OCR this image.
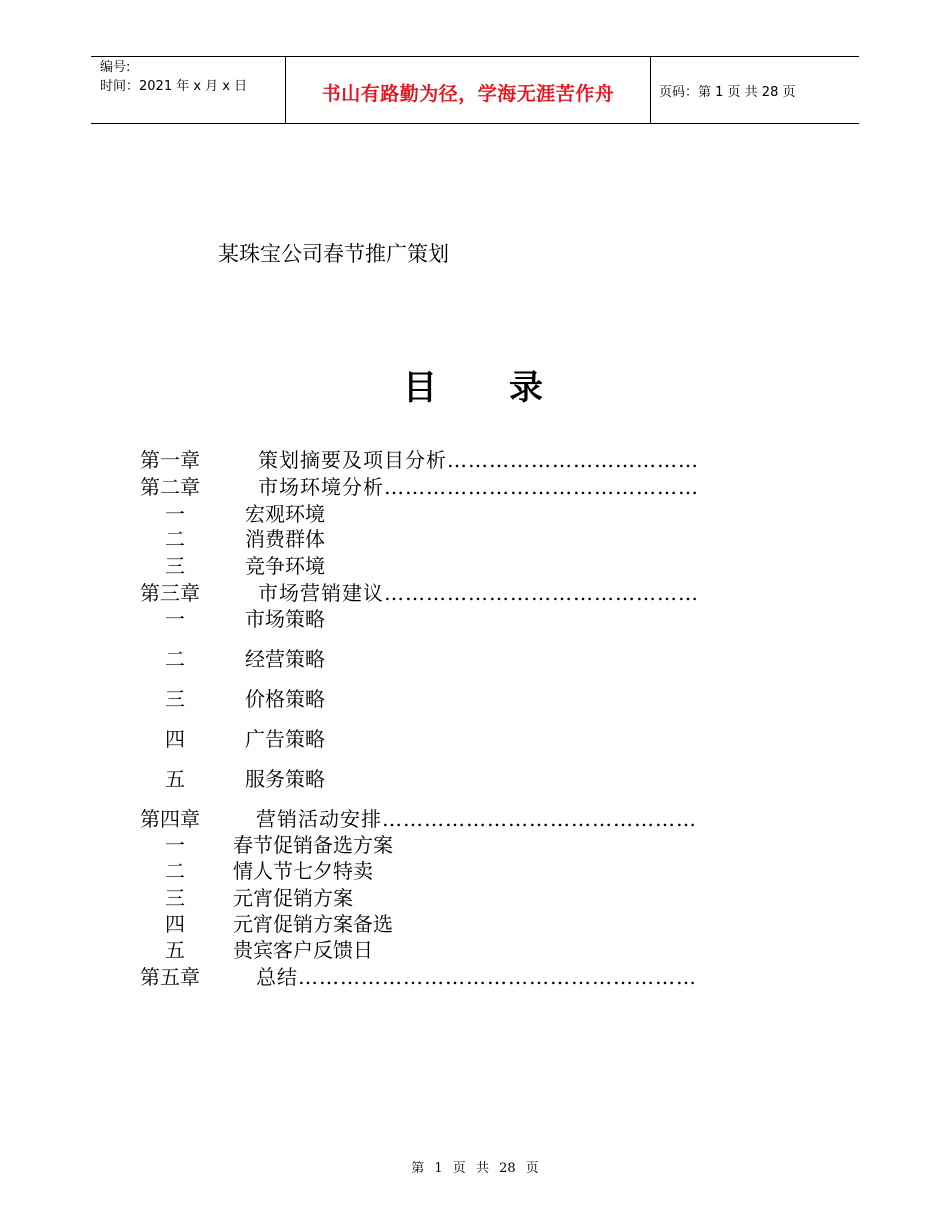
编号:
时间：2021 年 x 月 x 日	书山有路勤为径，学海无涯苦作舟	页码：第 1 页 共 28 页
某珠宝公司春节推广策划
目录
第一章	策划摘要及项目分析………………………………
第二章	市场环境分析………………………………………
一	宏观环境
二	消费群体
三	竞争环境
第三章	市场营销建议………………………………………
一	市场策略
二	经营策略
三	价格策略
四	广告策略
五	服务策略
第四章	营销活动安排………………………………………
一 春节促销备选方案
二 情人节七夕特卖
三 元宵促销方案
四 元宵促销方案备选
五 贵宾客户反馈日
第五章	总结…………………………………………………
第 1 页 共 28 页
